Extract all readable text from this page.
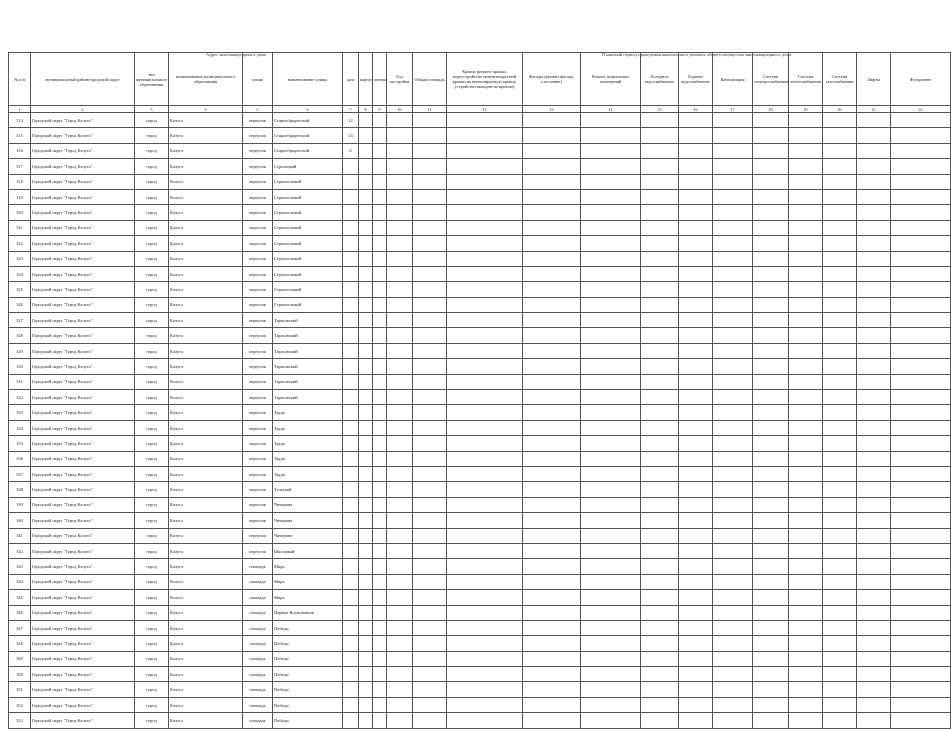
Адрес многоквартирного дома	Плановый период проведения капитального ремонта общего имущества многоквартирного дома
№ п/п	муниципальный район/городской округ	тип муниципального образования	наименование муниципального образования	улица	наименование улицы	дом	корпус	литера	Год постройки	Общая площадь	Крыша (ремонт крыши, переустройство невентилируемой крыши на вентилируемую крышу, устройство выходов на кровлю)	Фасады (ремонт фасада, утепление)	Ремонт подвальных помещений	Холодное водоснабжение	Горячее водоснабжение	Канализация	Система электроснабжения	Система теплоснабжения	Система газоснабжения	Лифты	Фундамент
1	2	3	4	5	6	7	8	9	10	11	12	13	14	15	16	17	18	19	20	21	22
314	Городской округ "Город Калуга"	город	Калуга	переулок	Старообрядческий	12															
315	Городской округ "Город Калуга"	город	Калуга	переулок	Старообрядческий	23															
316	Городской округ "Город Калуга"	город	Калуга	переулок	Старообрядческий	6															
317	Городской округ "Город Калуга"	город	Калуга	переулок	Стрелецкий																
318	Городской округ "Город Калуга"	город	Калуга	переулок	Строительный																
319	Городской округ "Город Калуга"	город	Калуга	переулок	Строительный																
320	Городской округ "Город Калуга"	город	Калуга	переулок	Строительный																
321	Городской округ "Город Калуга"	город	Калуга	переулок	Строительный																
322	Городской округ "Город Калуга"	город	Калуга	переулок	Строительный																
323	Городской округ "Город Калуга"	город	Калуга	переулок	Строительный																
324	Городской округ "Город Калуга"	город	Калуга	переулок	Строительный																
325	Городской округ "Город Калуга"	город	Калуга	переулок	Строительный																
326	Городской округ "Город Калуга"	город	Калуга	переулок	Строительный																
327	Городской округ "Город Калуга"	город	Калуга	переулок	Тарасовский																
328	Городской округ "Город Калуга"	город	Калуга	переулок	Тарасовский																
329	Городской округ "Город Калуга"	город	Калуга	переулок	Тарасовский																
330	Городской округ "Город Калуга"	город	Калуга	переулок	Тарасовский																
331	Городской округ "Город Калуга"	город	Калуга	переулок	Тарасовский																
332	Городской округ "Город Калуга"	город	Калуга	переулок	Тарасовский																
333	Городской округ "Город Калуга"	город	Калуга	переулок	Труда																
334	Городской округ "Город Калуга"	город	Калуга	переулок	Труда																
335	Городской округ "Город Калуга"	город	Калуга	переулок	Труда																
336	Городской округ "Город Калуга"	город	Калуга	переулок	Труда																
337	Городской округ "Город Калуга"	город	Калуга	переулок	Труда																
338	Городской округ "Город Калуга"	город	Калуга	переулок	Тульский																
339	Городской округ "Город Калуга"	город	Калуга	переулок	Чичерина																
340	Городской округ "Город Калуга"	город	Калуга	переулок	Чичерина																
341	Городской округ "Город Калуга"	город	Калуга	переулок	Чичерина																
342	Городской округ "Город Калуга"	город	Калуга	переулок	Школьный																
343	Городской округ "Город Калуга"	город	Калуга	площадь	Мира																
344	Городской округ "Город Калуга"	город	Калуга	площадь	Мира																
345	Городской округ "Город Калуга"	город	Калуга	площадь	Мира																
346	Городской округ "Город Калуга"	город	Калуга	площадь	Первых Космонавтов																
347	Городской округ "Город Калуга"	город	Калуга	площадь	Победы																
348	Городской округ "Город Калуга"	город	Калуга	площадь	Победы																
349	Городской округ "Город Калуга"	город	Калуга	площадь	Победы																
350	Городской округ "Город Калуга"	город	Калуга	площадь	Победы																
351	Городской округ "Город Калуга"	город	Калуга	площадь	Победы																
352	Городской округ "Город Калуга"	город	Калуга	площадь	Победы																
353	Городской округ "Город Калуга"	город	Калуга	площадь	Победы																
